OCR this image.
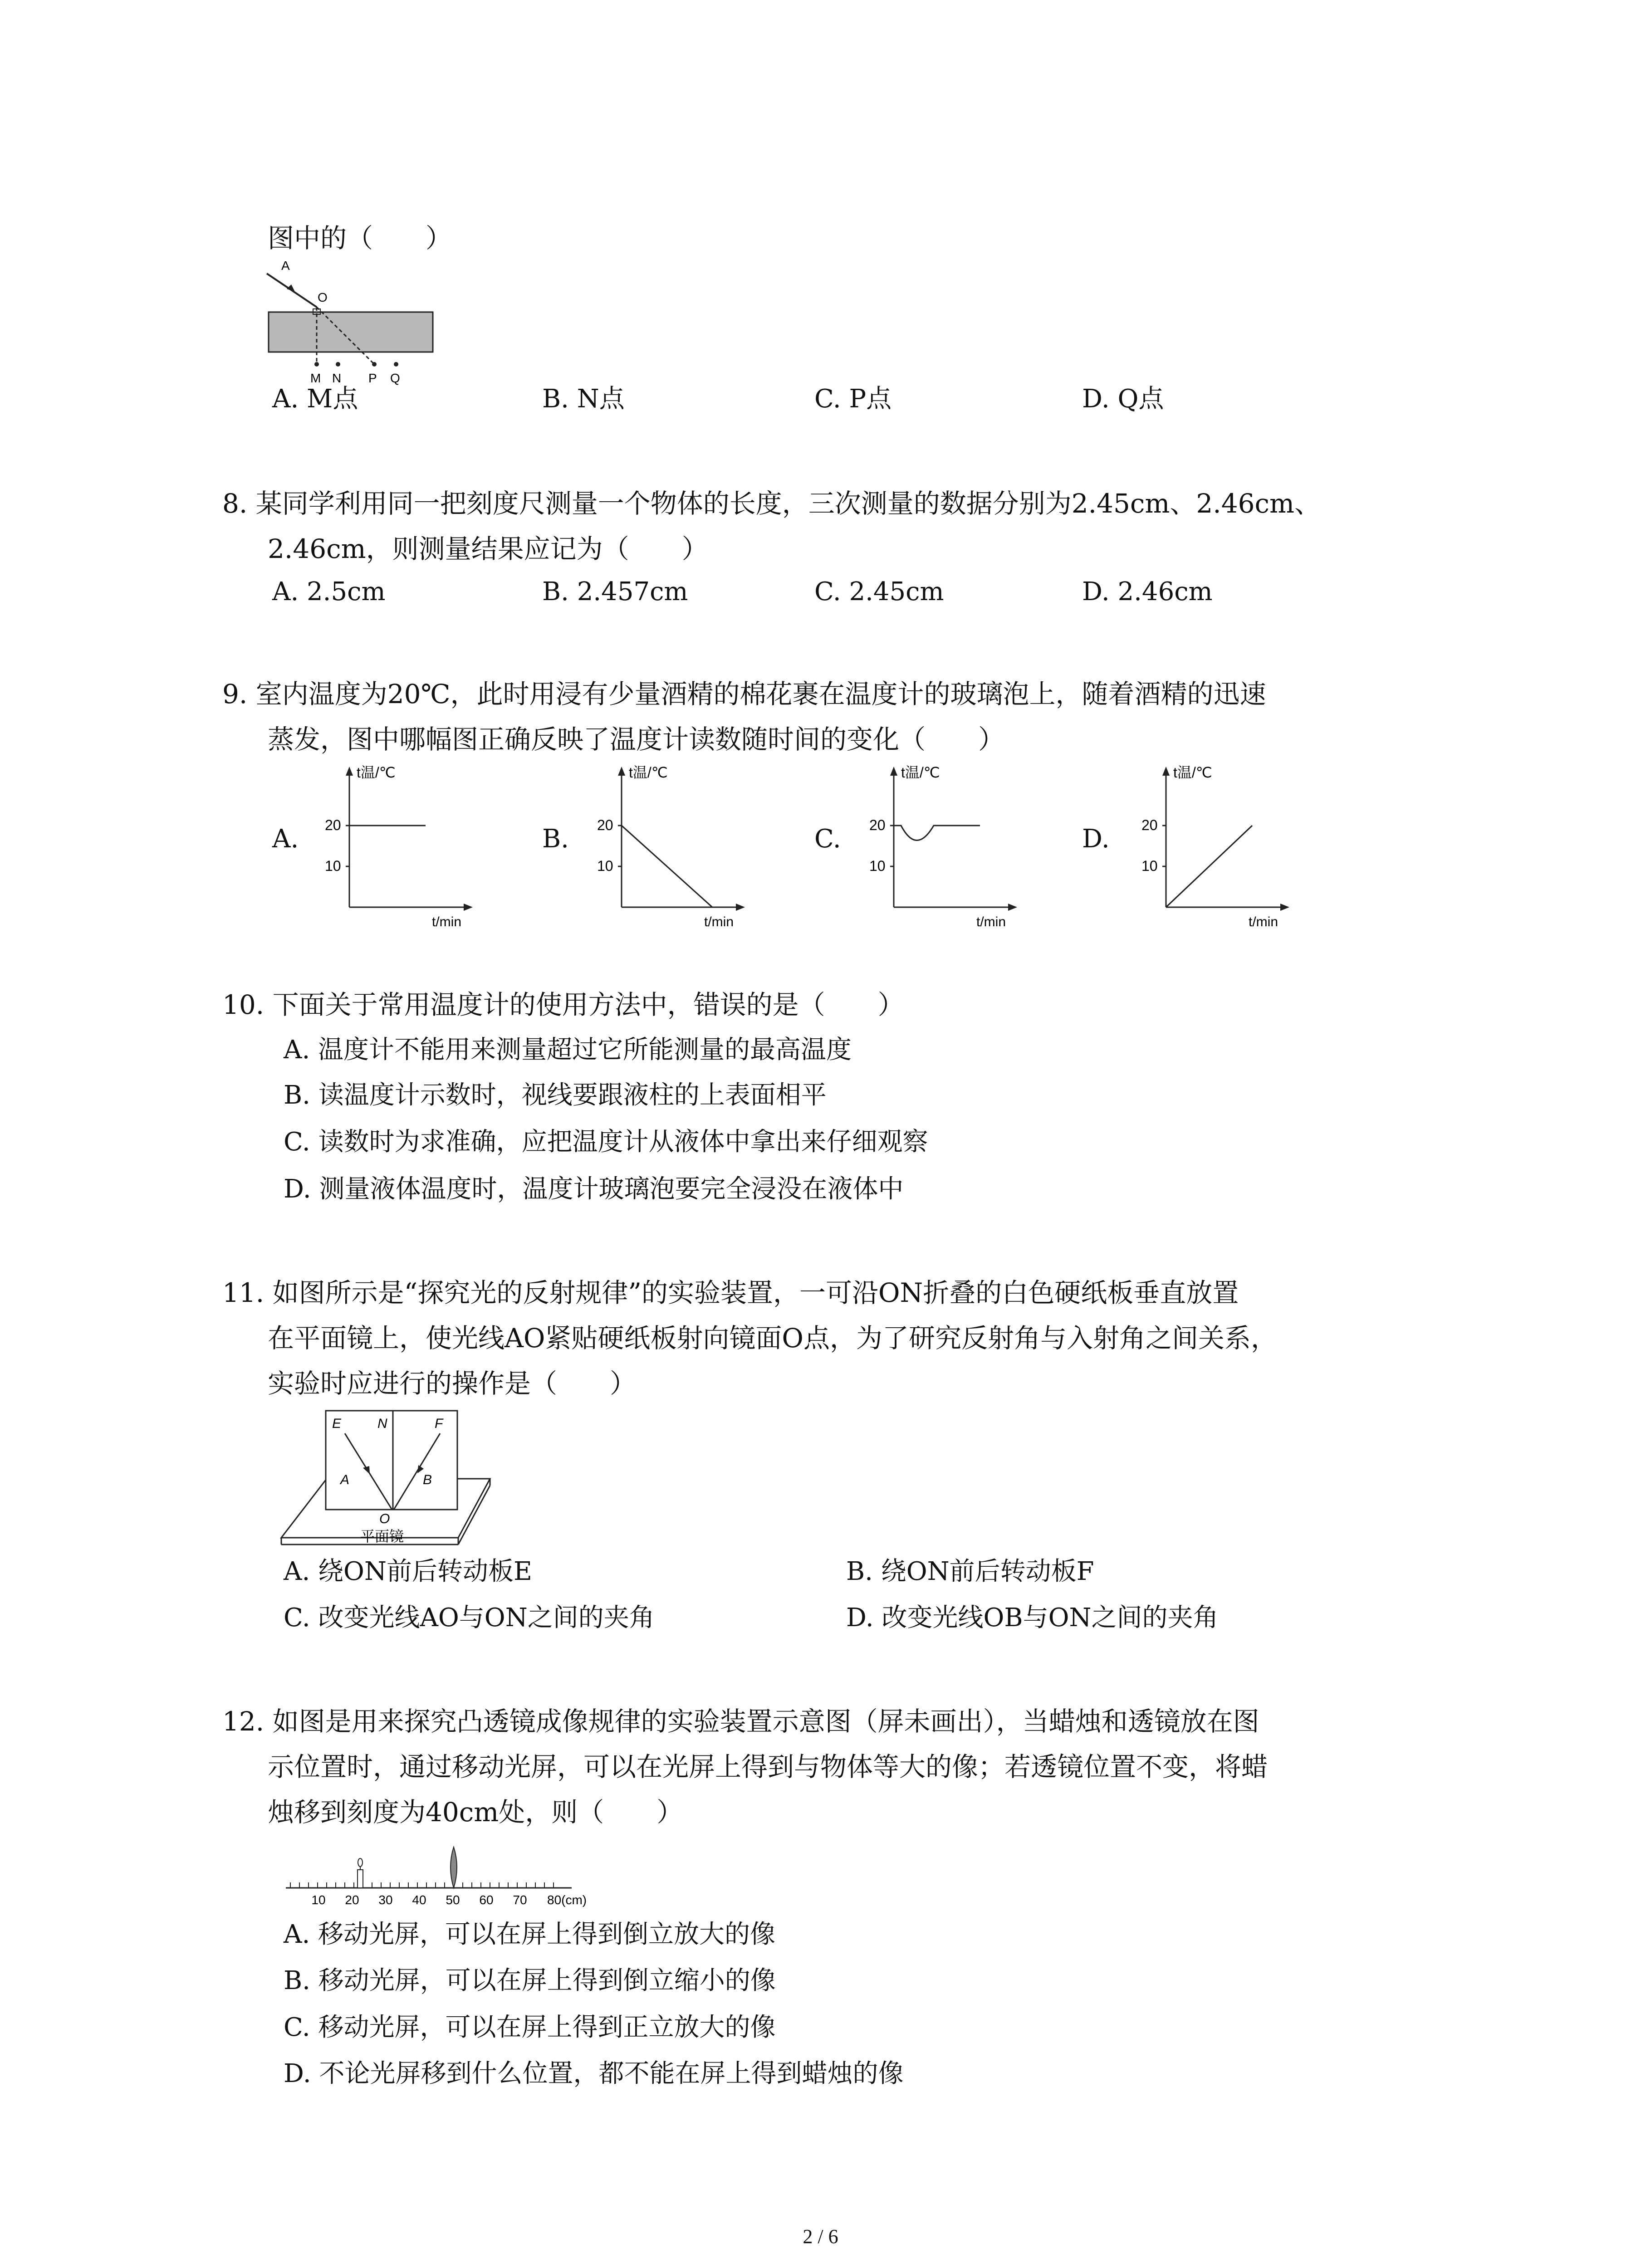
图中的（　　）
A
O
M N P Q
A. M点	B. N点	C. P点	D. Q点
8. 某同学利用同一把刻度尺测量一个物体的长度，三次测量的数据分别为2.45cm、2.46cm、
2.46cm，则测量结果应记为（　　）
A. 2.5cm	B. 2.457cm	C. 2.45cm	D. 2.46cm
9. 室内温度为20℃，此时用浸有少量酒精的棉花裹在温度计的玻璃泡上，随着酒精的迅速
蒸发，图中哪幅图正确反映了温度计读数随时间的变化（　　）
A.
t温/℃
20
10
t/min
B.
t温/℃
20
10
t/min
C.
t温/℃
20
10
t/min
D.
t温/℃
20
10
t/min
10. 下面关于常用温度计的使用方法中，错误的是（　　）
A. 温度计不能用来测量超过它所能测量的最高温度
B. 读温度计示数时，视线要跟液柱的上表面相平
C. 读数时为求准确，应把温度计从液体中拿出来仔细观察
D. 测量液体温度时，温度计玻璃泡要完全浸没在液体中
11. 如图所示是“探究光的反射规律”的实验装置，一可沿ON折叠的白色硬纸板垂直放置
在平面镜上，使光线AO紧贴硬纸板射向镜面O点，为了研究反射角与入射角之间关系，
实验时应进行的操作是（　　）
E	N	F
A	B
O
平面镜
A. 绕ON前后转动板E	B. 绕ON前后转动板F
C. 改变光线AO与ON之间的夹角	D. 改变光线OB与ON之间的夹角
12. 如图是用来探究凸透镜成像规律的实验装置示意图（屏未画出），当蜡烛和透镜放在图
示位置时，通过移动光屏，可以在光屏上得到与物体等大的像；若透镜位置不变，将蜡
烛移到刻度为40cm处，则（　　）
10 20 30 40 50 60 70 80(cm)
A. 移动光屏，可以在屏上得到倒立放大的像
B. 移动光屏，可以在屏上得到倒立缩小的像
C. 移动光屏，可以在屏上得到正立放大的像
D. 不论光屏移到什么位置，都不能在屏上得到蜡烛的像
2 / 6
